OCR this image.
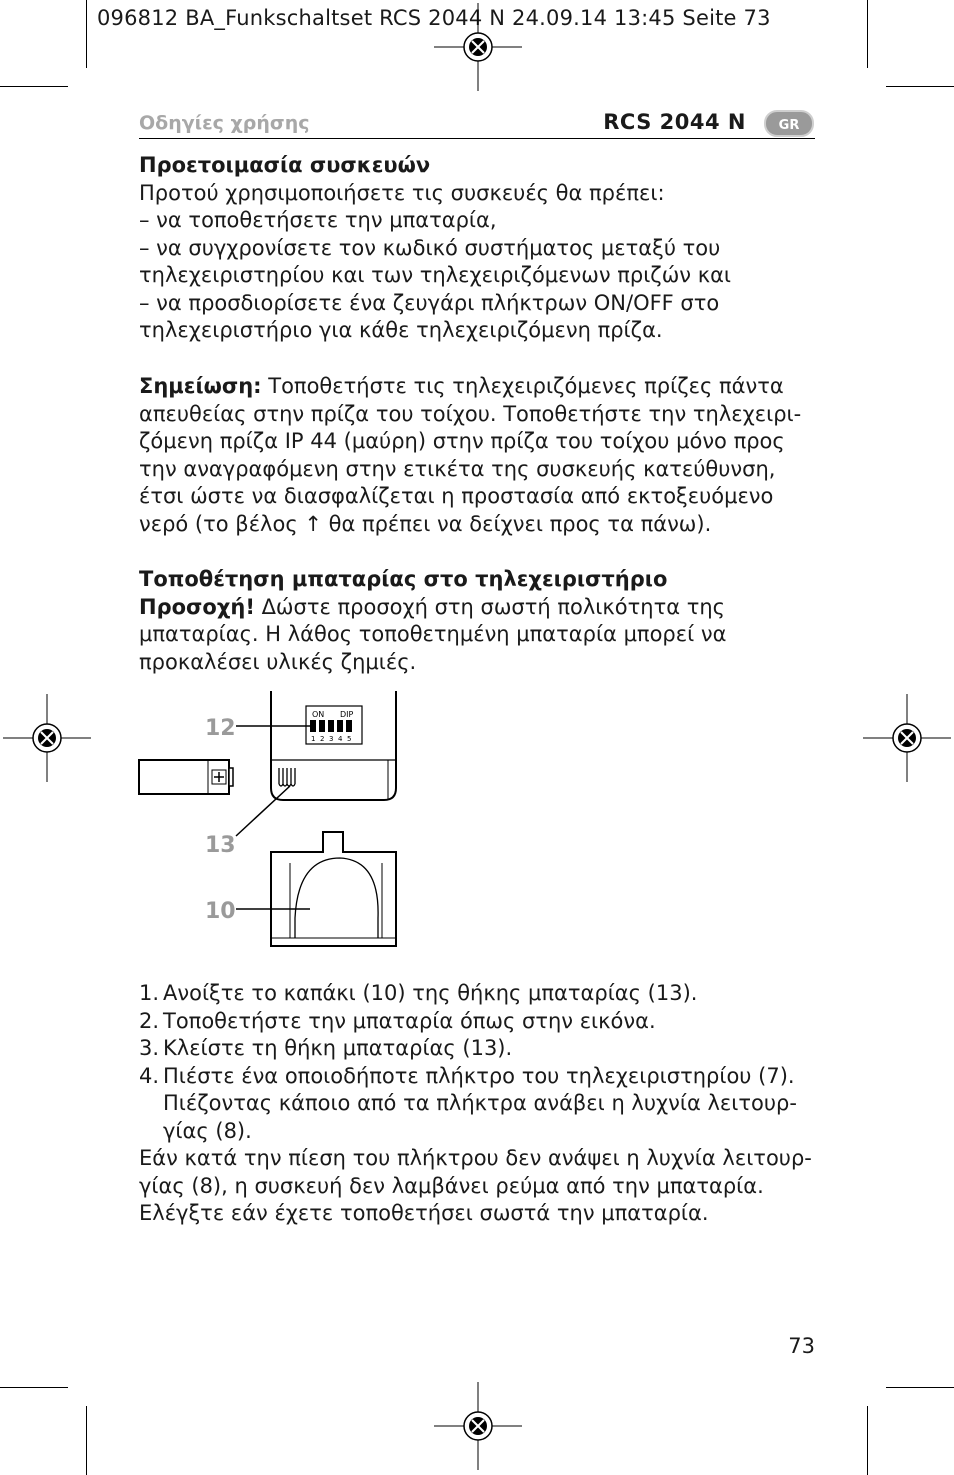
096812 BA_Funkschaltset RCS 2044 N 24.09.14 13:45 Seite 73
Οδηγίες χρήσης	RCS 2044 N	GR

Προετοιμασία συσκευών

Προτού χρησιμοποιήσετε τις συσκευές θα πρέπει:

– να τοποθετήσετε την μπαταρία,

– να συγχρονίσετε τον κωδικό συστήματος μεταξύ του

τηλεχειριστηρίου και των τηλεχειριζόμενων πριζών και

– να προσδιορίσετε ένα ζευγάρι πλήκτρων ON/OFF στο

τηλεχειριστήριο για κάθε τηλεχειριζόμενη πρίζα.

Σημείωση: Τοποθετήστε τις τηλεχειριζόμενες πρίζες πάντα

απευθείας στην πρίζα του τοίχου. Τοποθετήστε την τηλεχειρι-

ζόμενη πρίζα IP 44 (μαύρη) στην πρίζα του τοίχου μόνο προς

την αναγραφόμενη στην ετικέτα της συσκευής κατεύθυνση,

έτσι ώστε να διασφαλίζεται η προστασία από εκτοξευόμενο

νερό (το βέλος ↑ θα πρέπει να δείχνει προς τα πάνω).

Τοποθέτηση μπαταρίας στο τηλεχειριστήριο

Προσοχή! Δώστε προσοχή στη σωστή πολικότητα της

μπαταρίας. Η λάθος τοποθετημένη μπαταρία μπορεί να

προκαλέσει υλικές ζημιές.

ON DIP
1 2 3 4 5
12
13
10
1. Ανοίξτε το καπάκι (10) της θήκης μπαταρίας (13).
2. Τοποθετήστε την μπαταρία όπως στην εικόνα.
3. Κλείστε τη θήκη μπαταρίας (13).
4. Πιέστε ένα οποιοδήποτε πλήκτρο του τηλεχειριστηρίου (7).
Πιέζοντας κάποιο από τα πλήκτρα ανάβει η λυχνία λειτουρ-
γίας (8).
Εάν κατά την πίεση του πλήκτρου δεν ανάψει η λυχνία λειτουρ-
γίας (8), η συσκευή δεν λαμβάνει ρεύμα από την μπαταρία.
Ελέγξτε εάν έχετε τοποθετήσει σωστά την μπαταρία.
73
